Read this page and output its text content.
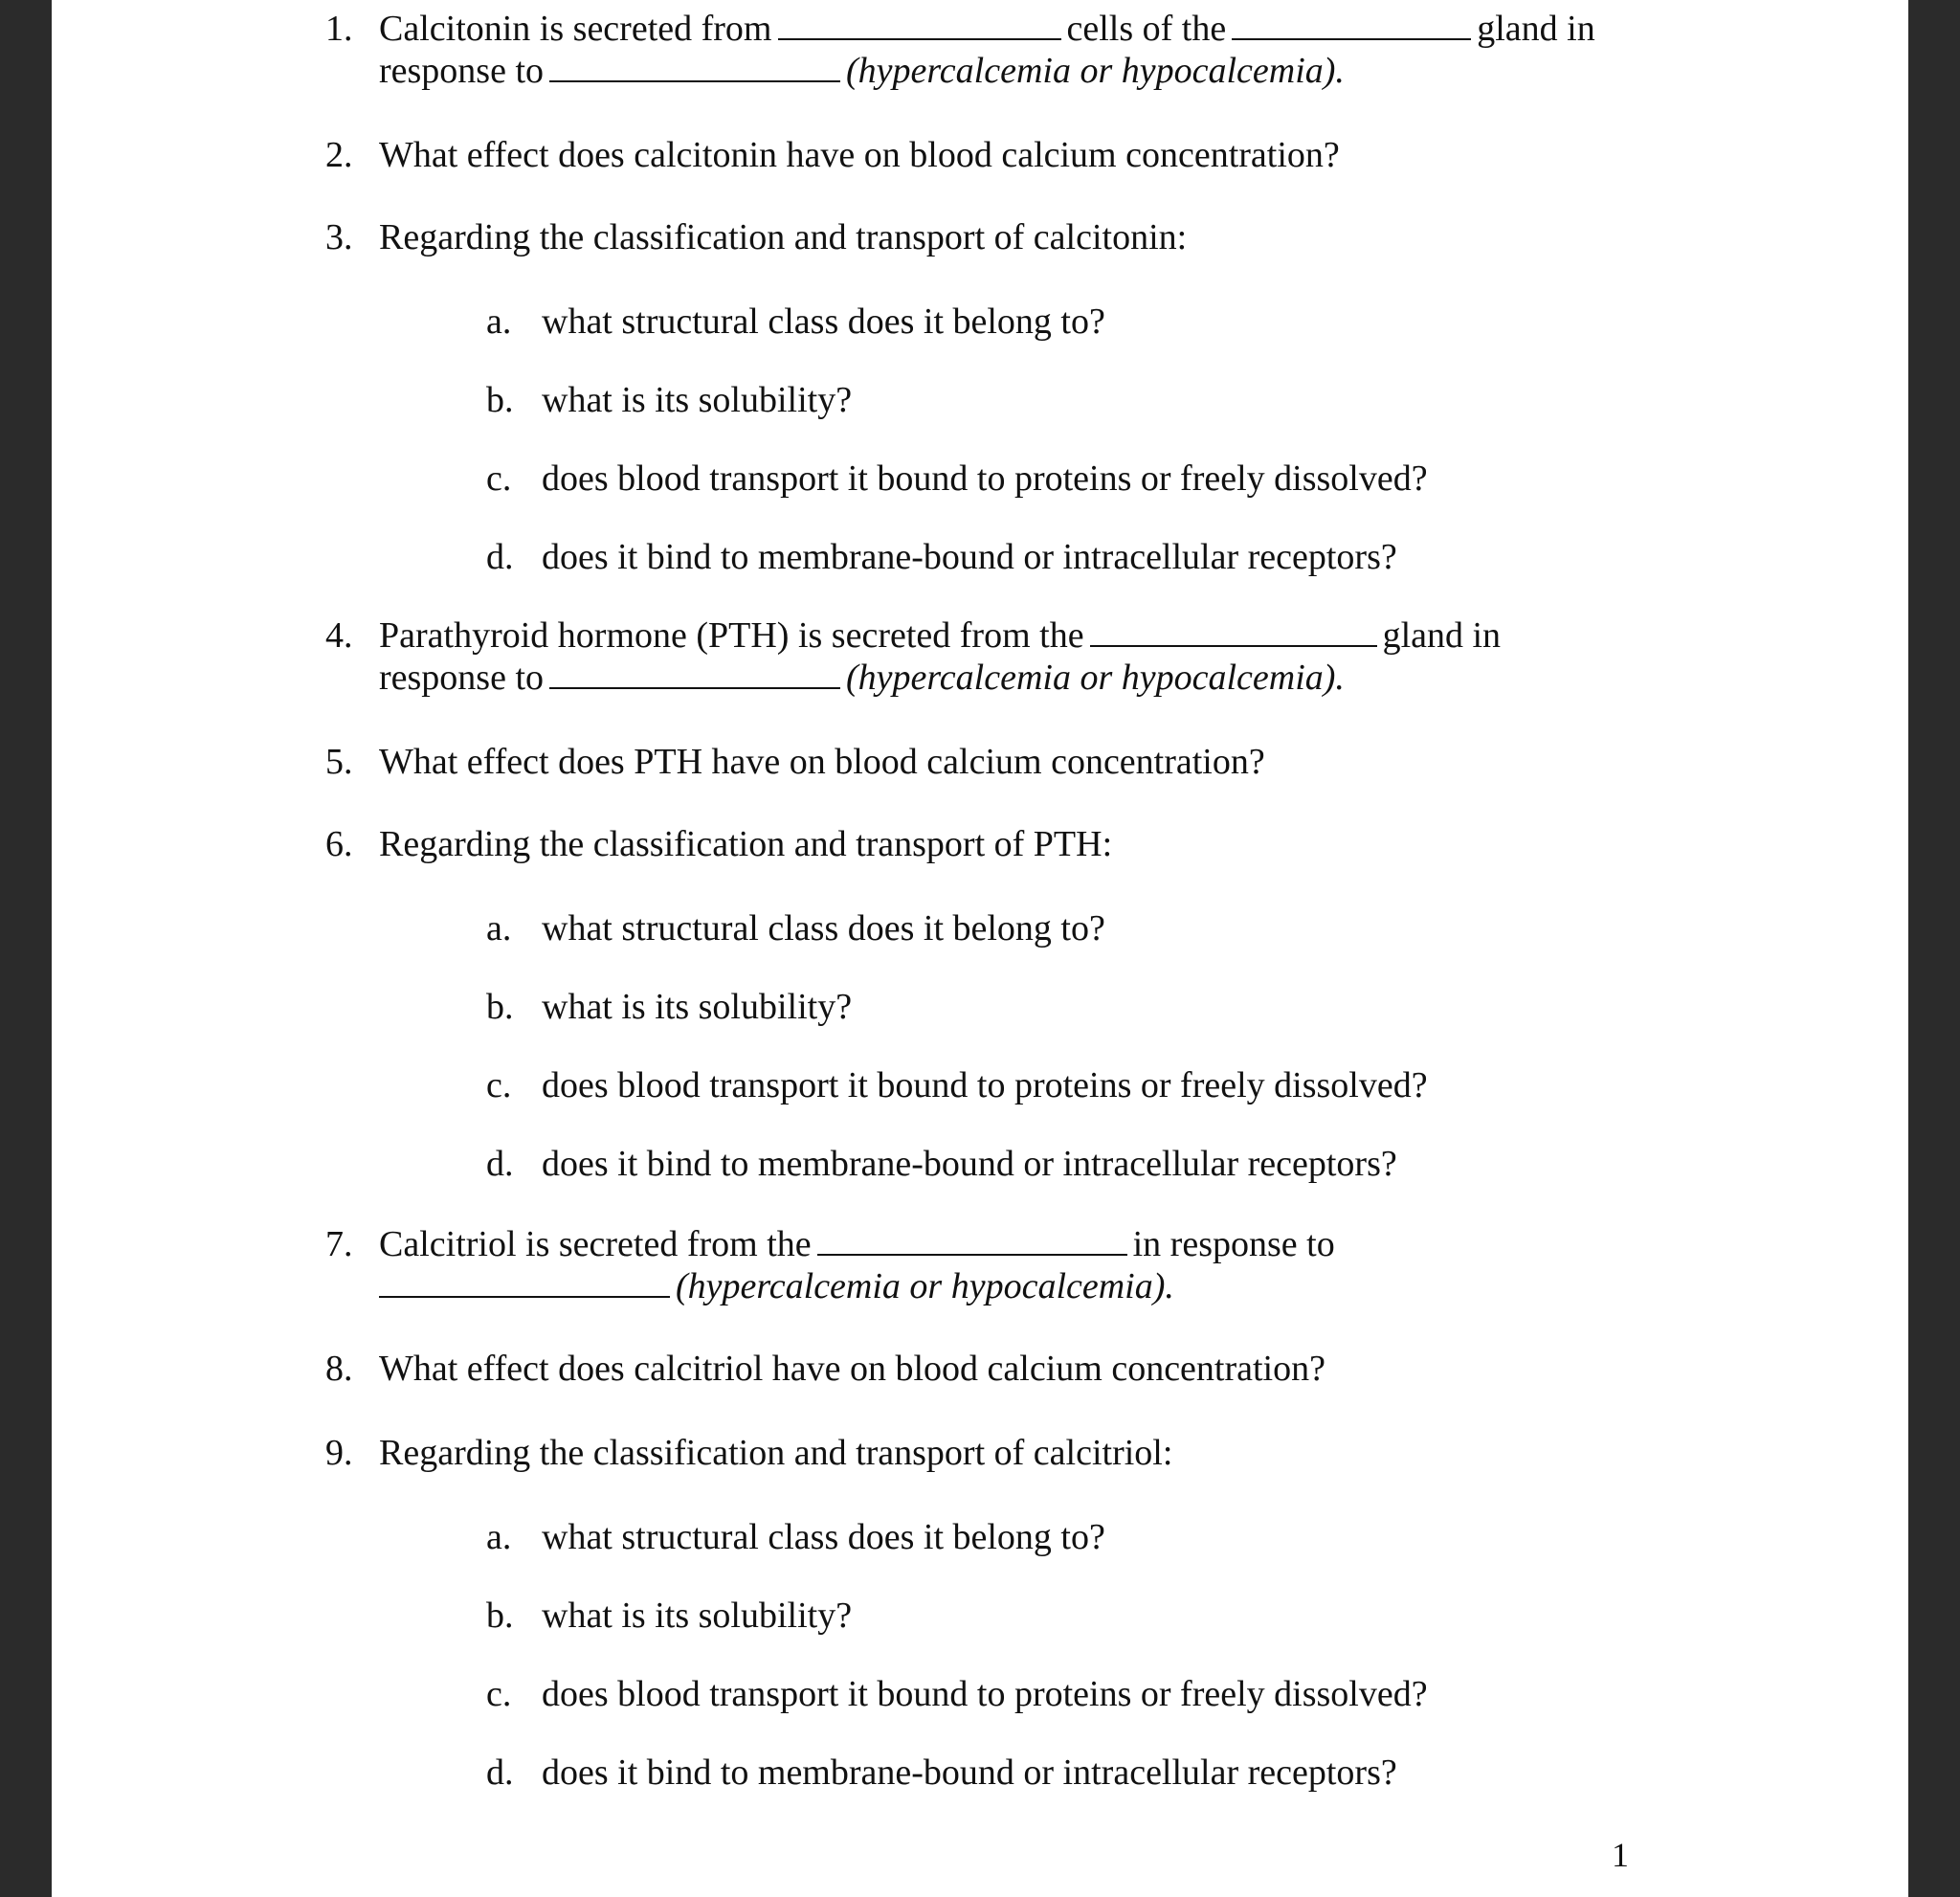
1. Calcitonin is secreted from	cells of the	gland in
response to	(hypercalcemia or hypocalcemia).
2. What effect does calcitonin have on blood calcium concentration?
3. Regarding the classification and transport of calcitonin:
a. what structural class does it belong to?
b. what is its solubility?
c. does blood transport it bound to proteins or freely dissolved?
d. does it bind to membrane-bound or intracellular receptors?
4. Parathyroid hormone (PTH) is secreted from the	gland in
response to	(hypercalcemia or hypocalcemia).
5. What effect does PTH have on blood calcium concentration?
6. Regarding the classification and transport of PTH:
a. what structural class does it belong to?
b. what is its solubility?
c. does blood transport it bound to proteins or freely dissolved?
d. does it bind to membrane-bound or intracellular receptors?
7. Calcitriol is secreted from the	in response to
(hypercalcemia or hypocalcemia).
8. What effect does calcitriol have on blood calcium concentration?
9. Regarding the classification and transport of calcitriol:
a. what structural class does it belong to?
b. what is its solubility?
c. does blood transport it bound to proteins or freely dissolved?
d. does it bind to membrane-bound or intracellular receptors?
1
